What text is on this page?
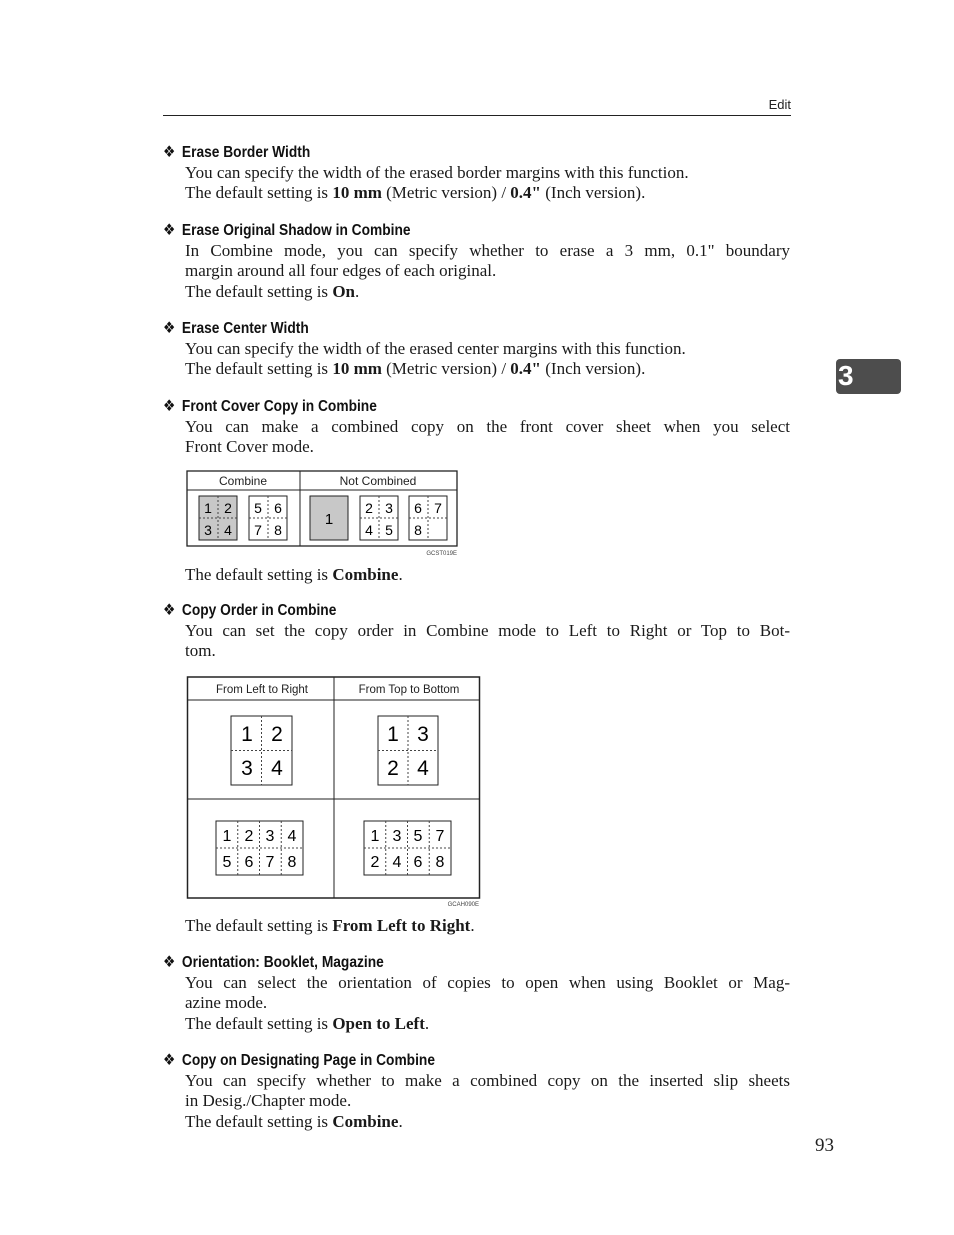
Edit
3
❖ Erase Border Width
You can specify the width of the erased border margins with this function.
The default setting is 10 mm (Metric version) / 0.4" (Inch version).
❖ Erase Original Shadow in Combine
In Combine mode, you can specify whether to erase a 3 mm, 0.1" boundary
margin around all four edges of each original.
The default setting is On.
❖ Erase Center Width
You can specify the width of the erased center margins with this function.
The default setting is 10 mm (Metric version) / 0.4" (Inch version).
❖ Front Cover Copy in Combine
You can make a combined copy on the front cover sheet when you select
Front Cover mode.
Combine	Not Combined
1 2
3 4
5 6
7 8
1
2 3
4 5
6 7
8
GCST019E
The default setting is Combine.
❖ Copy Order in Combine
You can set the copy order in Combine mode to Left to Right or Top to Bot-
tom.
From Left to Right	From Top to Bottom
1 2
3 4
1 3
2 4
1 2 3 4
5 6 7 8
1 3 5 7
2 4 6 8
GCAH090E
The default setting is From Left to Right.
❖ Orientation: Booklet, Magazine
You can select the orientation of copies to open when using Booklet or Mag-
azine mode.
The default setting is Open to Left.
❖ Copy on Designating Page in Combine
You can specify whether to make a combined copy on the inserted slip sheets
in Desig./Chapter mode.
The default setting is Combine.
93
